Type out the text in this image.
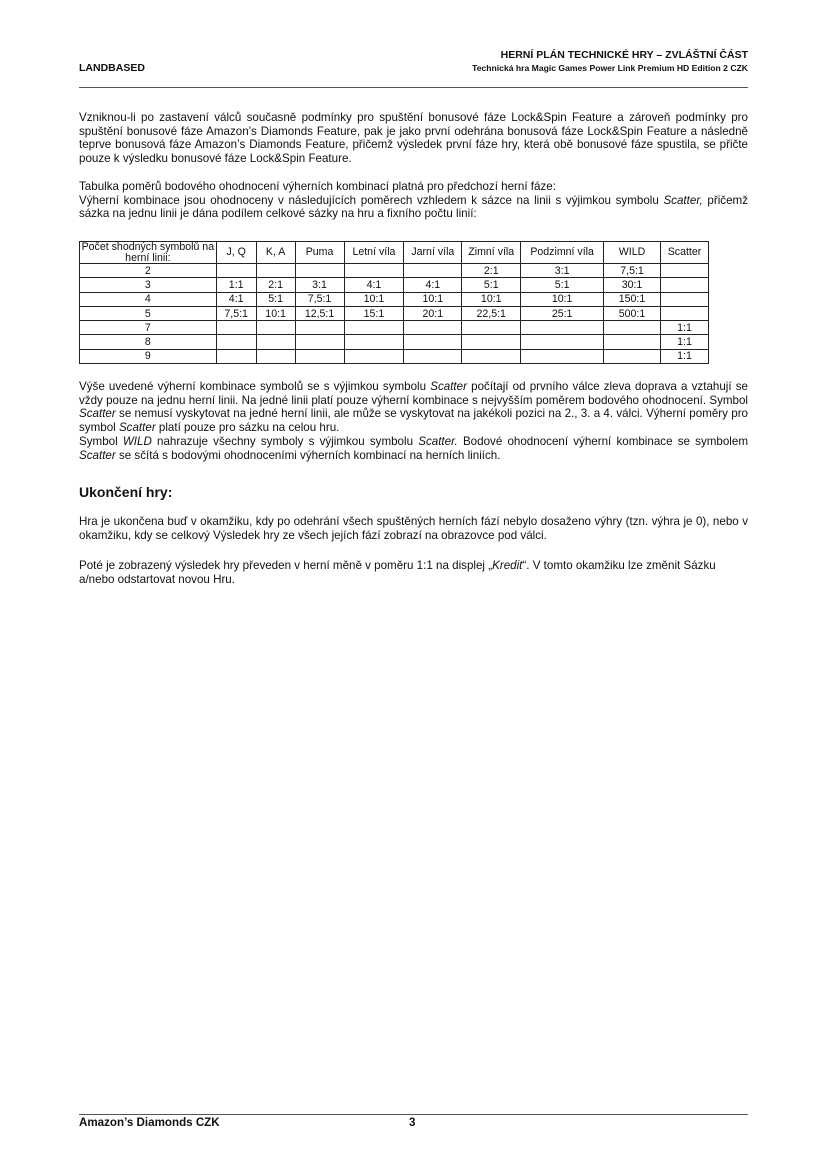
LANDBASED
HERNÍ PLÁN TECHNICKÉ HRY – ZVLÁŠTNÍ ČÁST
Technická hra Magic Games Power Link Premium HD Edition 2 CZK
Vzniknou-li po zastavení válců současně podmínky pro spuštění bonusové fáze Lock&Spin Feature a zároveň podmínky pro spuštění bonusové fáze Amazon’s Diamonds Feature, pak je jako první odehrána bonusová fáze Lock&Spin Feature a následně teprve bonusová fáze Amazon’s Diamonds Feature, přičemž výsledek první fáze hry, která obě bonusové fáze spustila, se přičte pouze k výsledku bonusové fáze Lock&Spin Feature.
Tabulka poměrů bodového ohodnocení výherních kombinací platná pro předchozí herní fáze:
Výherní kombinace jsou ohodnoceny v následujících poměrech vzhledem k sázce na linii s výjimkou symbolu Scatter, přičemž sázka na jednu linii je dána podílem celkové sázky na hru a fixního počtu linií:
Počet shodných symbolů na herní linii:	J, Q	K, A	Puma	Letní víla	Jarní víla	Zimní víla	Podzimní víla	WILD	Scatter
2						2:1	3:1	7,5:1	
3	1:1	2:1	3:1	4:1	4:1	5:1	5:1	30:1	
4	4:1	5:1	7,5:1	10:1	10:1	10:1	10:1	150:1	
5	7,5:1	10:1	12,5:1	15:1	20:1	22,5:1	25:1	500:1	
7									1:1
8									1:1
9									1:1
Výše uvedené výherní kombinace symbolů se s výjimkou symbolu Scatter počítají od prvního válce zleva doprava a vztahují se vždy pouze na jednu herní linii. Na jedné linii platí pouze výherní kombinace s nejvyšším poměrem bodového ohodnocení. Symbol Scatter se nemusí vyskytovat na jedné herní linii, ale může se vyskytovat na jakékoli pozici na 2., 3. a 4. válci. Výherní poměry pro symbol Scatter platí pouze pro sázku na celou hru.
Symbol WILD nahrazuje všechny symboly s výjimkou symbolu Scatter. Bodové ohodnocení výherní kombinace se symbolem Scatter se sčítá s bodovými ohodnoceními výherních kombinací na herních liniích.
Ukončení hry:
Hra je ukončena buď v okamžiku, kdy po odehrání všech spuštěných herních fází nebylo dosaženo výhry (tzn. výhra je 0), nebo v okamžiku, kdy se celkový Výsledek hry ze všech jejích fází zobrazí na obrazovce pod válci.
Poté je zobrazený výsledek hry převeden v herní měně v poměru 1:1 na displej „Kredit“. V tomto okamžiku lze změnit Sázku a/nebo odstartovat novou Hru.
Amazon’s Diamonds CZK	3
